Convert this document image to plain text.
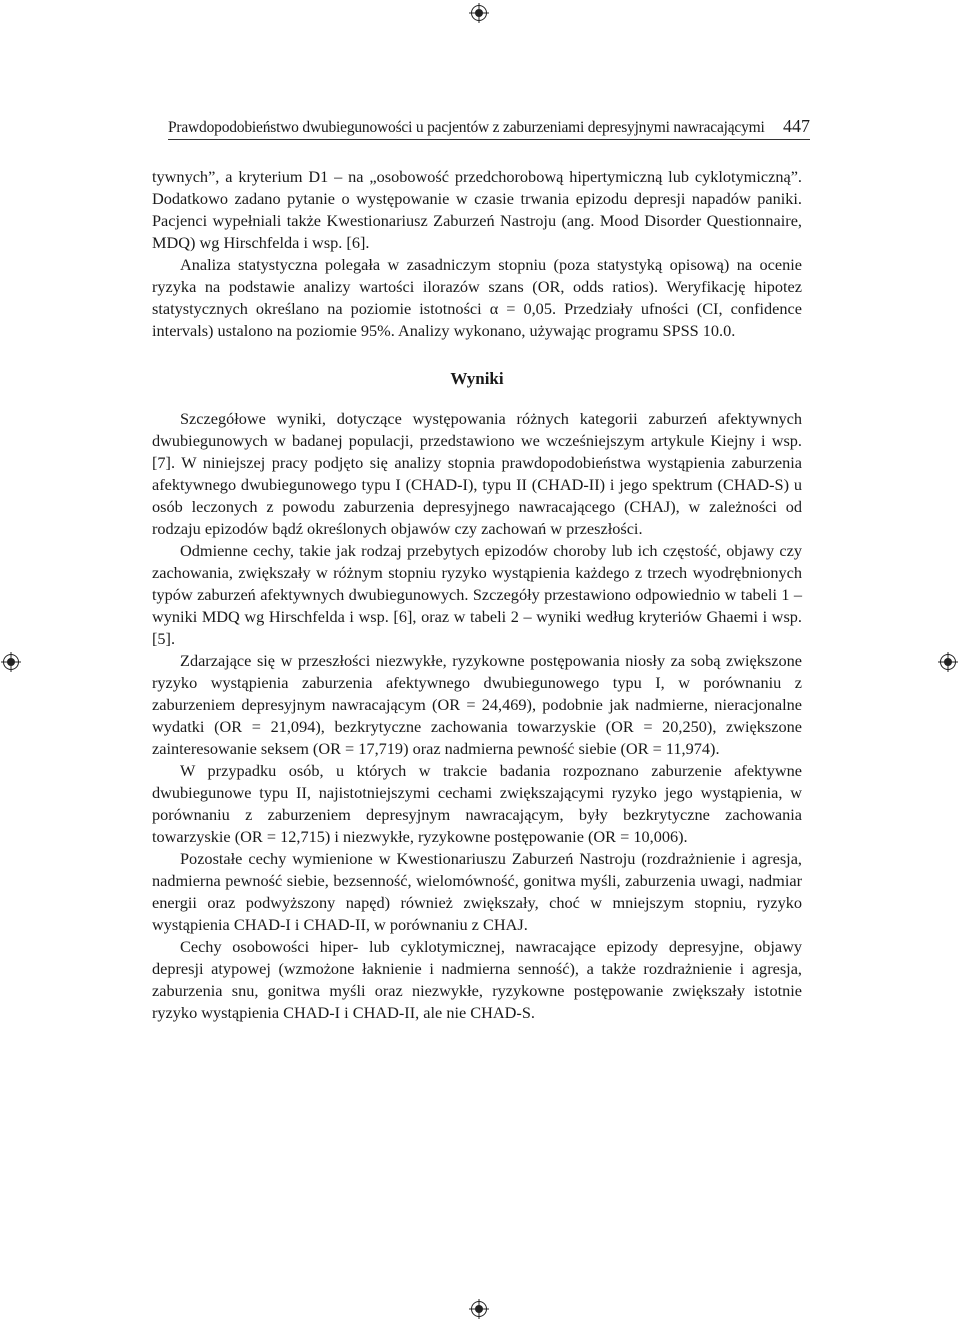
Prawdopodobieństwo dwubiegunowości u pacjentów z zaburzeniami depresyjnymi nawracającymi 447

tywnych”, a kryterium D1 – na „osobowość przedchorobową hipertymiczną lub cyklotymiczną”. Dodatkowo zadano pytanie o występowanie w czasie trwania epizodu depresji napadów paniki. Pacjenci wypełniali także Kwestionariusz Zaburzeń Nastroju (ang. Mood Disorder Questionnaire, MDQ) wg Hirschfelda i wsp. [6].

Analiza statystyczna polegała w zasadniczym stopniu (poza statystyką opisową) na ocenie ryzyka na podstawie analizy wartości ilorazów szans (OR, odds ratios). Weryfikację hipotez statystycznych określano na poziomie istotności α = 0,05. Przedziały ufności (CI, confidence intervals) ustalono na poziomie 95%. Analizy wykonano, używając programu SPSS 10.0.

Wyniki

Szczegółowe wyniki, dotyczące występowania różnych kategorii zaburzeń afektywnych dwubiegunowych w badanej populacji, przedstawiono we wcześniejszym artykule Kiejny i wsp. [7]. W niniejszej pracy podjęto się analizy stopnia prawdopodobieństwa wystąpienia zaburzenia afektywnego dwubiegunowego typu I (CHAD-I), typu II (CHAD-II) i jego spektrum (CHAD-S) u osób leczonych z powodu zaburzenia depresyjnego nawracającego (CHAJ), w zależności od rodzaju epizodów bądź określonych objawów czy zachowań w przeszłości.

Odmienne cechy, takie jak rodzaj przebytych epizodów choroby lub ich częstość, objawy czy zachowania, zwiększały w różnym stopniu ryzyko wystąpienia każdego z trzech wyodrębnionych typów zaburzeń afektywnych dwubiegunowych. Szczegóły przestawiono odpowiednio w tabeli 1 – wyniki MDQ wg Hirschfelda i wsp. [6], oraz w tabeli 2 – wyniki według kryteriów Ghaemi i wsp. [5].

Zdarzające się w przeszłości niezwykłe, ryzykowne postępowania niosły za sobą zwiększone ryzyko wystąpienia zaburzenia afektywnego dwubiegunowego typu I, w porównaniu z zaburzeniem depresyjnym nawracającym (OR = 24,469), podobnie jak nadmierne, nieracjonalne wydatki (OR = 21,094), bezkrytyczne zachowania towarzyskie (OR = 20,250), zwiększone zainteresowanie seksem (OR = 17,719) oraz nadmierna pewność siebie (OR = 11,974).

W przypadku osób, u których w trakcie badania rozpoznano zaburzenie afektywne dwubiegunowe typu II, najistotniejszymi cechami zwiększającymi ryzyko jego wystąpienia, w porównaniu z zaburzeniem depresyjnym nawracającym, były bezkrytyczne zachowania towarzyskie (OR = 12,715) i niezwykłe, ryzykowne postępowanie (OR = 10,006).

Pozostałe cechy wymienione w Kwestionariuszu Zaburzeń Nastroju (rozdrażnienie i agresja, nadmierna pewność siebie, bezsenność, wielomówność, gonitwa myśli, zaburzenia uwagi, nadmiar energii oraz podwyższony napęd) również zwiększały, choć w mniejszym stopniu, ryzyko wystąpienia CHAD-I i CHAD-II, w porównaniu z CHAJ.

Cechy osobowości hiper- lub cyklotymicznej, nawracające epizody depresyjne, objawy depresji atypowej (wzmożone łaknienie i nadmierna senność), a także rozdrażnienie i agresja, zaburzenia snu, gonitwa myśli oraz niezwykłe, ryzykowne postępowanie zwiększały istotnie ryzyko wystąpienia CHAD-I i CHAD-II, ale nie CHAD-S.
